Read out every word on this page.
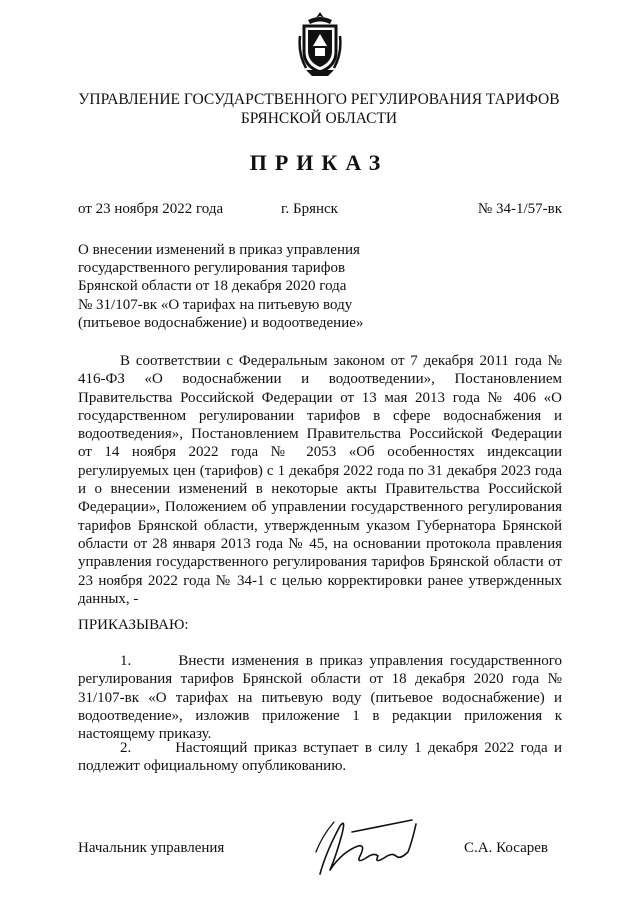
УПРАВЛЕНИЕ ГОСУДАРСТВЕННОГО РЕГУЛИРОВАНИЯ ТАРИФОВ
БРЯНСКОЙ ОБЛАСТИ
ПРИКАЗ
от 23 ноября 2022 года	г. Брянск	№ 34-1/57-вк
О внесении изменений в приказ управления
государственного регулирования тарифов
Брянской области от 18 декабря 2020 года
№ 31/107-вк «О тарифах на питьевую воду
(питьевое водоснабжение) и водоотведение»
В соответствии с Федеральным законом от 7 декабря 2011 года № 416-ФЗ «О водоснабжении и водоотведении», Постановлением Правительства Российской Федерации от 13 мая 2013 года № 406 «О государственном регулировании тарифов в сфере водоснабжения и водоотведения», Постановлением Правительства Российской Федерации от 14 ноября 2022 года № 2053 «Об особенностях индексации регулируемых цен (тарифов) с 1 декабря 2022 года по 31 декабря 2023 года и о внесении изменений в некоторые акты Правительства Российской Федерации», Положением об управлении государственного регулирования тарифов Брянской области, утвержденным указом Губернатора Брянской области от 28 января 2013 года № 45, на основании протокола правления управления государственного регулирования тарифов Брянской области от 23 ноября 2022 года № 34-1 с целью корректировки ранее утвержденных данных, -
ПРИКАЗЫВАЮ:
1.	Внести изменения в приказ управления государственного регулирования тарифов Брянской области от 18 декабря 2020 года № 31/107-вк «О тарифах на питьевую воду (питьевое водоснабжение) и водоотведение», изложив приложение 1 в редакции приложения к настоящему приказу.
2.	Настоящий приказ вступает в силу 1 декабря 2022 года и подлежит официальному опубликованию.
Начальник управления	С.А. Косарев
